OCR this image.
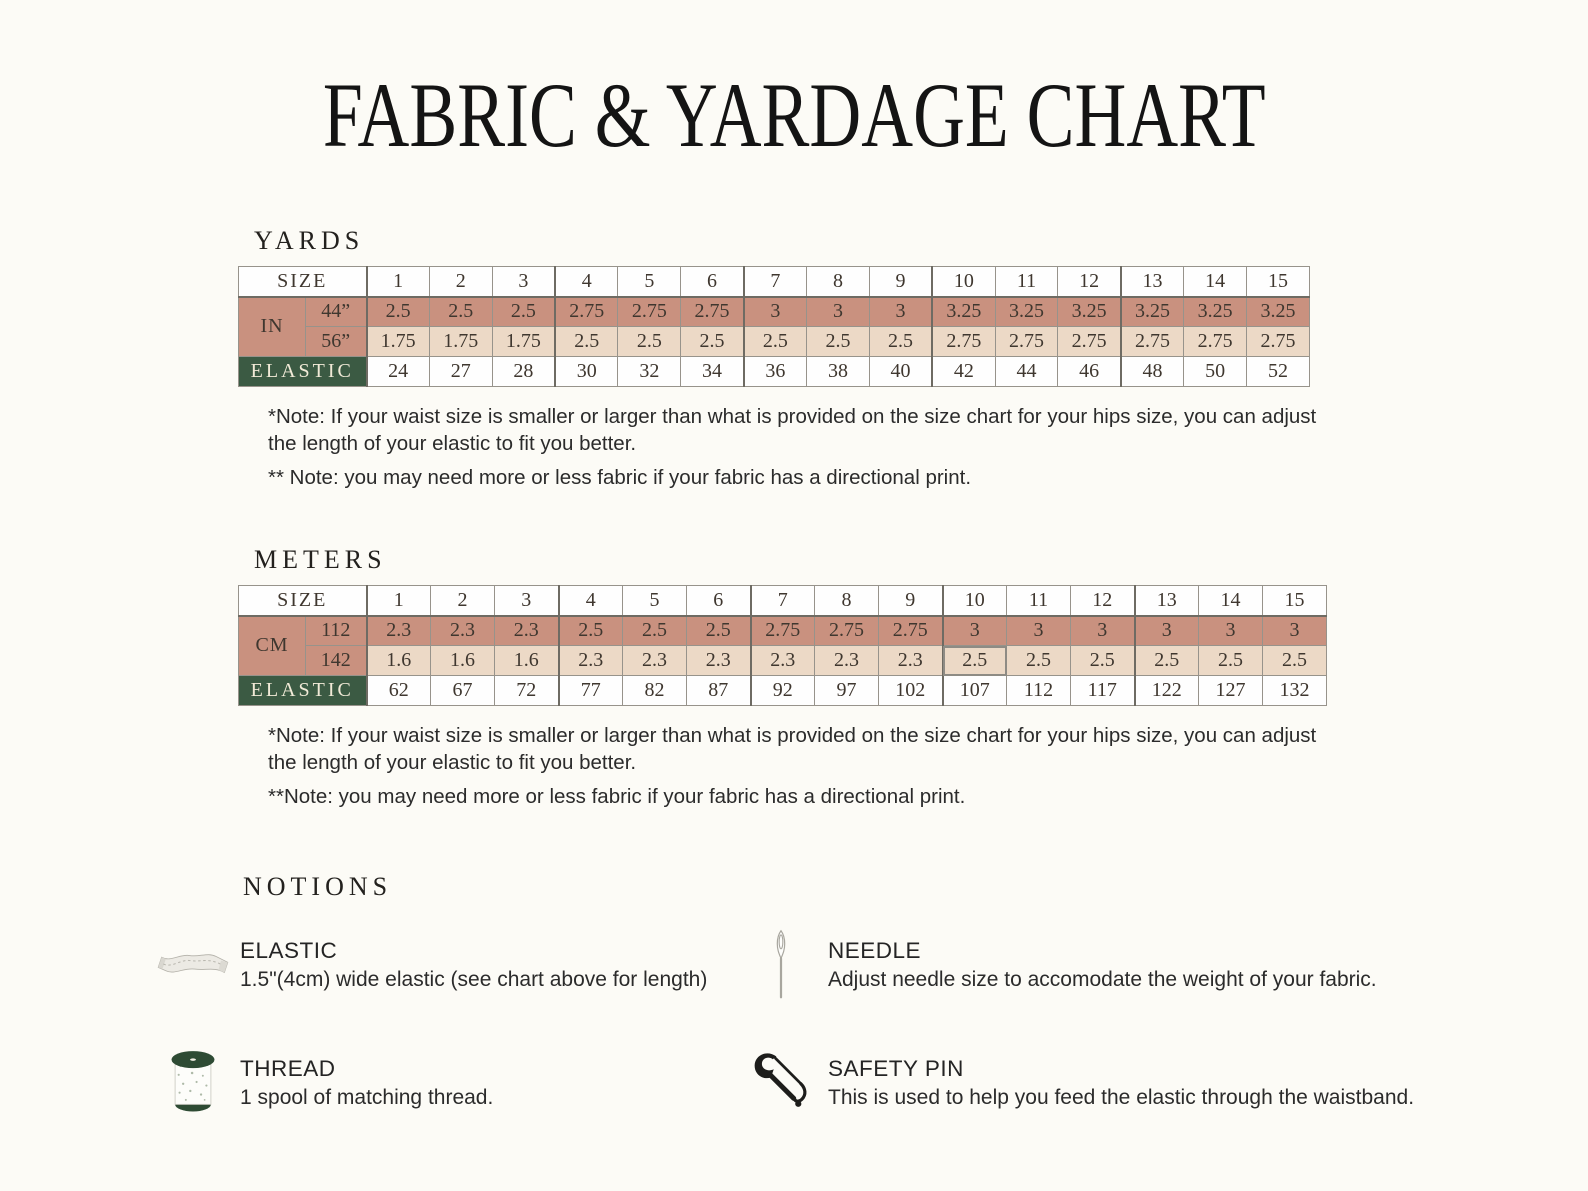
FABRIC & YARDAGE CHART
YARDS
SIZE		1	2	3	4	5	6	7	8	9	10	11	12	13	14	15
IN	44”	2.5	2.5	2.5	2.75	2.75	2.75	3	3	3	3.25	3.25	3.25	3.25	3.25	3.25
	56”	1.75	1.75	1.75	2.5	2.5	2.5	2.5	2.5	2.5	2.75	2.75	2.75	2.75	2.75	2.75
ELASTIC		24	27	28	30	32	34	36	38	40	42	44	46	48	50	52

*Note: If your waist size is smaller or larger than what is provided on the size chart for your hips size, you can adjust the length of your elastic to fit you better.

** Note: you may need more or less fabric if your fabric has a directional print.

METERS
SIZE		1	2	3	4	5	6	7	8	9	10	11	12	13	14	15
CM	112	2.3	2.3	2.3	2.5	2.5	2.5	2.75	2.75	2.75	3	3	3	3	3	3
	142	1.6	1.6	1.6	2.3	2.3	2.3	2.3	2.3	2.3	2.5	2.5	2.5	2.5	2.5	2.5
ELASTIC		62	67	72	77	82	87	92	97	102	107	112	117	122	127	132

*Note: If your waist size is smaller or larger than what is provided on the size chart for your hips size, you can adjust the length of your elastic to fit you better.

**Note: you may need more or less fabric if your fabric has a directional print.

NOTIONS
ELASTIC
1.5"(4cm) wide elastic (see chart above for length)
NEEDLE
Adjust needle size to accomodate the weight of your fabric.
THREAD
1 spool of matching thread.
SAFETY PIN
This is used to help you feed the elastic through the waistband.
